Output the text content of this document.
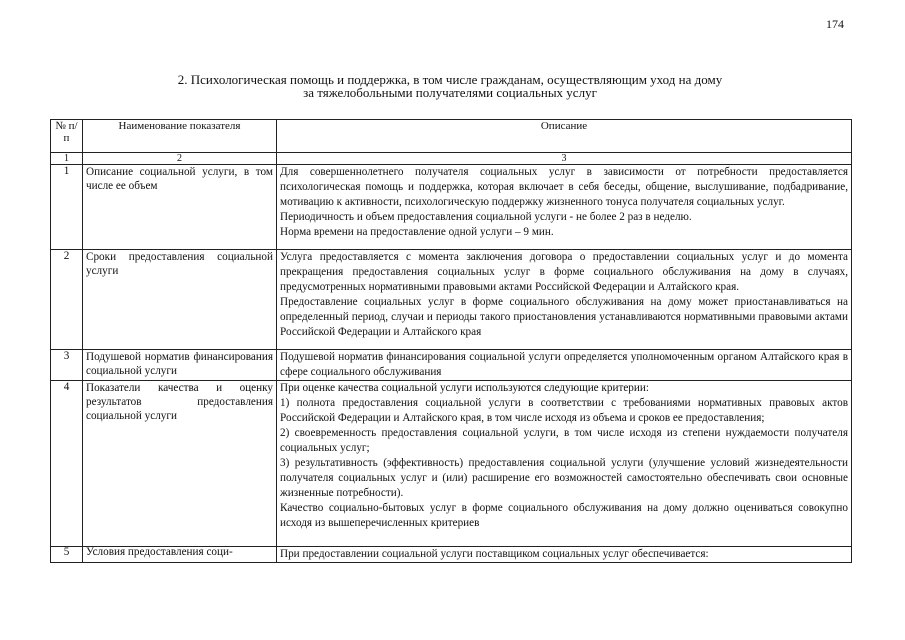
174
2. Психологическая помощь и поддержка, в том числе гражданам, осуществляющим уход на дому
за тяжелобольными получателями социальных услуг
№ п/п	Наименование показателя	Описание
1	2	3
1	Описание социальной услуги, в том числе ее объем	Для совершеннолетнего получателя социальных услуг в зависимости от потребности предоставляется психологическая помощь и поддержка, которая включает в себя беседы, общение, выслушивание, подбадривание, мотивацию к активности, психологическую поддержку жизненного тонуса получателя социальных услуг.

Периодичность и объем предоставления социальной услуги - не более 2 раз в неделю.

Норма времени на предоставление одной услуги – 9 мин.

2	Сроки предоставления социальной услуги	Услуга предоставляется с момента заключения договора о предоставлении социальных услуг и до момента прекращения предоставления социальных услуг в форме социального обслуживания на дому в случаях, предусмотренных нормативными правовыми актами Российской Федерации и Алтайского края.

Предоставление социальных услуг в форме социального обслуживания на дому может приостанавливаться на определенный период, случаи и периоды такого приостановления устанавливаются нормативными правовыми актами Российской Федерации и Алтайского края

3	Подушевой норматив финансирования социальной услуги	Подушевой норматив финансирования социальной услуги определяется уполномоченным органом Алтайского края в сфере социального обслуживания

4	Показатели качества и оценку результатов предоставления социальной услуги	При оценке качества социальной услуги используются следующие критерии:

1) полнота предоставления социальной услуги в соответствии с требованиями нормативных правовых актов Российской Федерации и Алтайского края, в том числе исходя из объема и сроков ее предоставления;

2) своевременность предоставления социальной услуги, в том числе исходя из степени нуждаемости получателя социальных услуг;

3) результативность (эффективность) предоставления социальной услуги (улучшение условий жизнедеятельности получателя социальных услуг и (или) расширение его возможностей самостоятельно обеспечивать свои основные жизненные потребности).

Качество социально-бытовых услуг в форме социального обслуживания на дому должно оцениваться совокупно исходя из вышеперечисленных критериев

5	Условия предоставления соци-	При предоставлении социальной услуги поставщиком социальных услуг обеспечивается:
